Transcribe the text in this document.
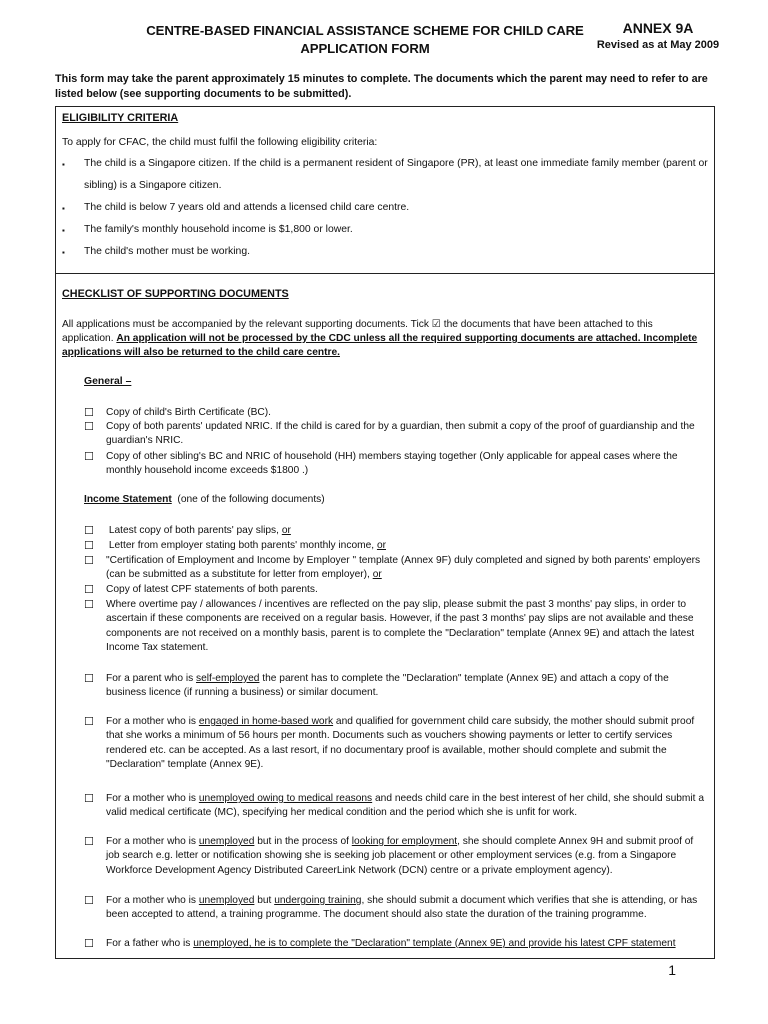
CENTRE-BASED FINANCIAL ASSISTANCE SCHEME FOR CHILD CARE
APPLICATION FORM
ANNEX 9A
Revised as at May 2009
This form may take the parent approximately 15 minutes to complete. The documents which the parent may need to refer to are listed below (see supporting documents to be submitted).
ELIGIBILITY CRITERIA
To apply for CFAC, the child must fulfil the following eligibility criteria:
▪ The child is a Singapore citizen. If the child is a permanent resident of Singapore (PR), at least one immediate family member (parent or
sibling) is a Singapore citizen.
▪ The child is below 7 years old and attends a licensed child care centre.
▪ The family's monthly household income is $1,800 or lower.
▪ The child's mother must be working.
CHECKLIST OF SUPPORTING DOCUMENTS
All applications must be accompanied by the relevant supporting documents. Tick ☑ the documents that have been attached to this application. An application will not be processed by the CDC unless all the required supporting documents are attached. Incomplete applications will also be returned to the child care centre.
General –
☐ Copy of child's Birth Certificate (BC).
☐ Copy of both parents' updated NRIC. If the child is cared for by a guardian, then submit a copy of the proof of guardianship and the guardian's NRIC.
☐ Copy of other sibling's BC and NRIC of household (HH) members staying together (Only applicable for appeal cases where the monthly household income exceeds $1800 .)
Income Statement (one of the following documents)
☐ Latest copy of both parents' pay slips, or
☐ Letter from employer stating both parents' monthly income, or
☐ "Certification of Employment and Income by Employer " template (Annex 9F) duly completed and signed by both parents' employers (can be submitted as a substitute for letter from employer), or
☐ Copy of latest CPF statements of both parents.
☐ Where overtime pay / allowances / incentives are reflected on the pay slip, please submit the past 3 months' pay slips, in order to ascertain if these components are received on a regular basis. However, if the past 3 months' pay slips are not available and these components are not received on a monthly basis, parent is to complete the "Declaration" template (Annex 9E) and attach the latest Income Tax statement.
☐ For a parent who is self-employed the parent has to complete the "Declaration" template (Annex 9E) and attach a copy of the business licence (if running a business) or similar document.
☐ For a mother who is engaged in home-based work and qualified for government child care subsidy, the mother should submit proof that she works a minimum of 56 hours per month. Documents such as vouchers showing payments or letter to certify services rendered etc. can be accepted. As a last resort, if no documentary proof is available, mother should complete and submit the "Declaration" template (Annex 9E).
☐ For a mother who is unemployed owing to medical reasons and needs child care in the best interest of her child, she should submit a valid medical certificate (MC), specifying her medical condition and the period which she is unfit for work.
☐ For a mother who is unemployed but in the process of looking for employment, she should complete Annex 9H and submit proof of job search e.g. letter or notification showing she is seeking job placement or other employment services (e.g. from a Singapore Workforce Development Agency Distributed CareerLink Network (DCN) centre or a private employment agency).
☐ For a mother who is unemployed but undergoing training, she should submit a document which verifies that she is attending, or has been accepted to attend, a training programme. The document should also state the duration of the training programme.
☐ For a father who is unemployed, he is to complete the "Declaration" template (Annex 9E) and provide his latest CPF statement
1
